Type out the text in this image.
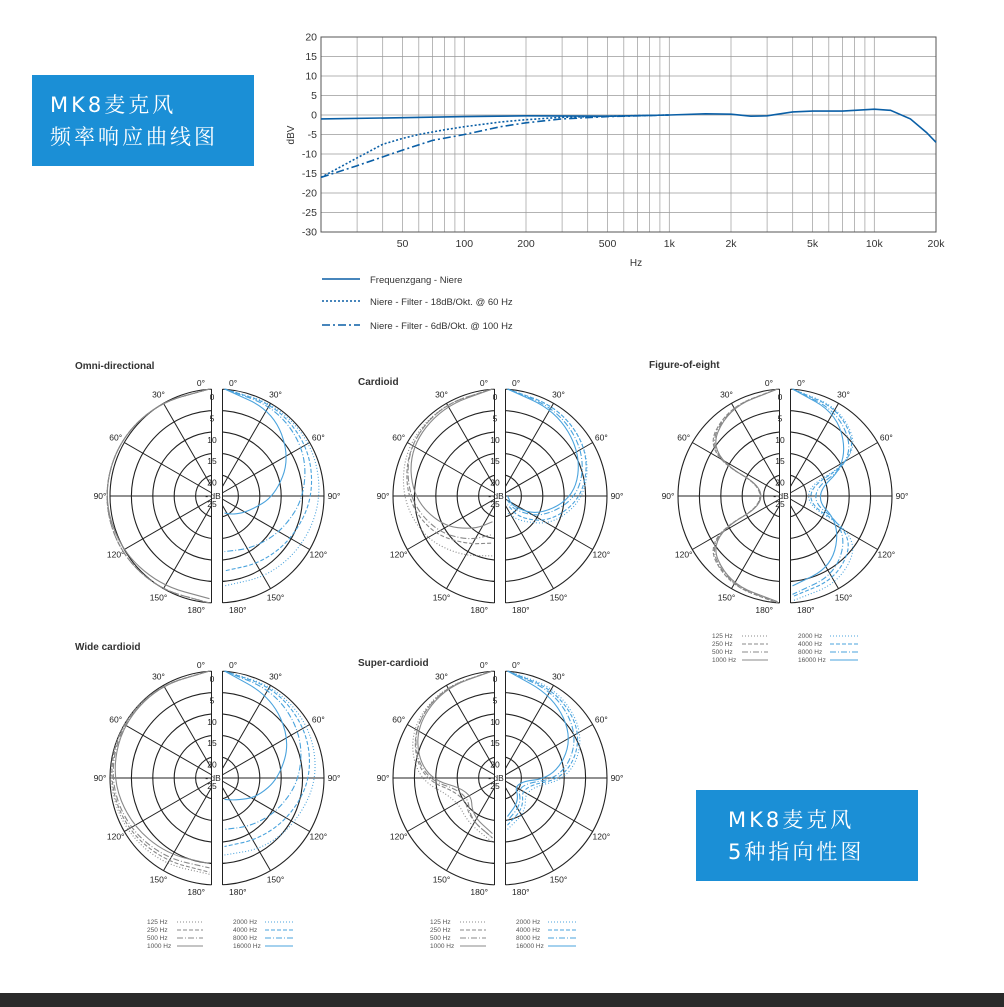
MK8麦克风
频率响应曲线图
MK8麦克风
5种指向性图
20
15
10
5
0
-5
-10
-15
-20
-25
-30
50	100	200	500	1k	2k	5k	10k	20k
dBV
Hz
Frequenzgang - Niere
Niere - Filter - 18dB/Okt. @ 60 Hz
Niere - Filter - 6dB/Okt. @ 100 Hz
Omni-directional
Cardioid
Figure-of-eight
Wide cardioid
Super-cardioid
0
5
10
15
20
25
- dB
0°	0°
30°
30°
60°
60°
90°
90°
120°
120°
150°
150°
180°	180°
0
5
10
15
20
25
- dB
0°	0°
30°
30°
60°
60°
90°
90°
120°
120°
150°
150°
180°	180°
0
5
10
15
20
25
- dB
0°	0°
30°
30°
60°
60°
90°
90°
120°
120°
150°
150°
180°	180°
0
5
10
15
20
25
- dB
0°	0°
30°
30°
60°
60°
90°
90°
120°
120°
150°
150°
180°	180°
0
5
10
15
20
25
- dB
0°	0°
30°
30°
60°
60°
90°
90°
120°
120°
150°
150°
180°	180°
125 Hz
250 Hz
500 Hz
1000 Hz
2000 Hz
4000 Hz
8000 Hz
16000 Hz
125 Hz
250 Hz
500 Hz
1000 Hz
2000 Hz
4000 Hz
8000 Hz
16000 Hz
125 Hz
250 Hz
500 Hz
1000 Hz
2000 Hz
4000 Hz
8000 Hz
16000 Hz
